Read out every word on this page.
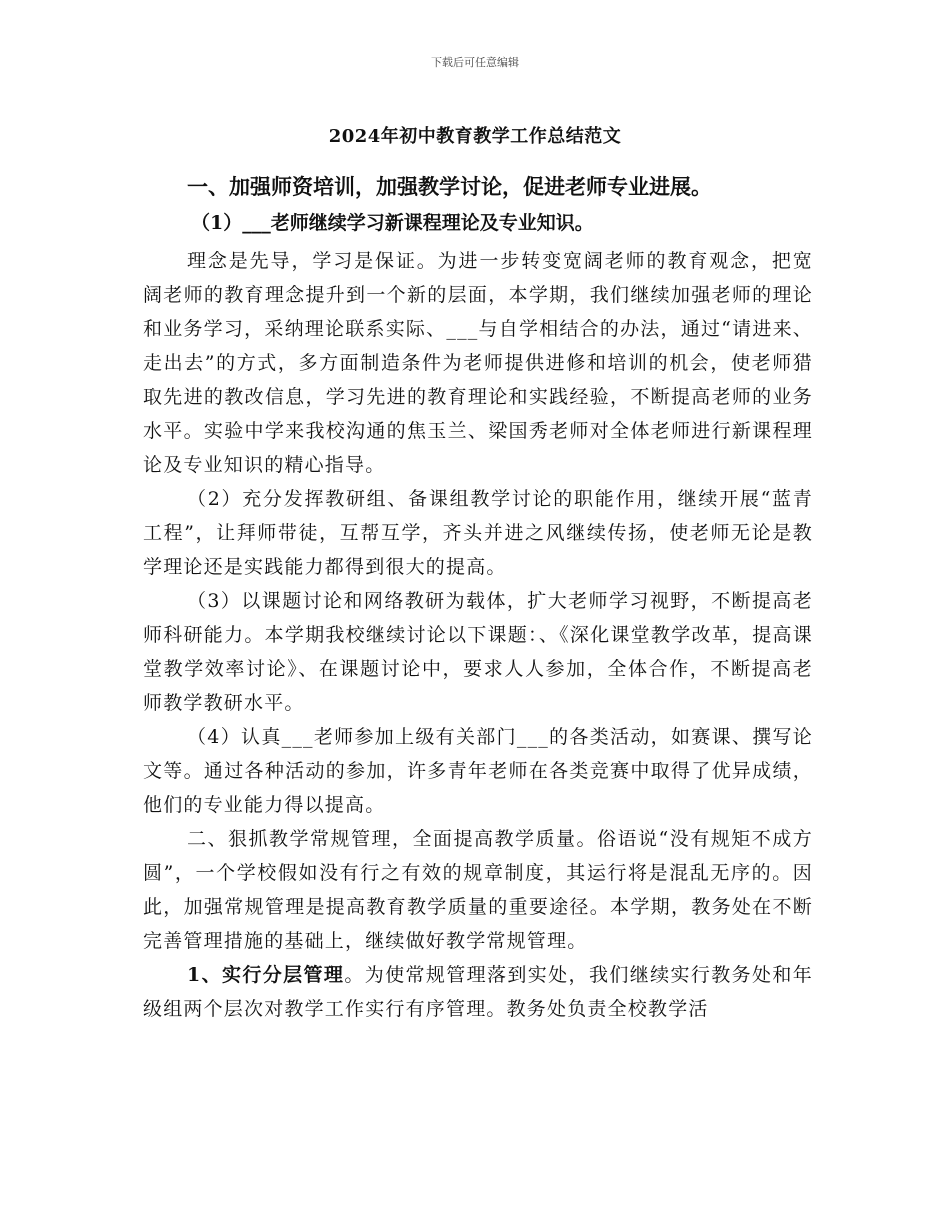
下载后可任意编辑
2024年初中教育教学工作总结范文
一、加强师资培训，加强教学讨论，促进老师专业进展。
（1）___老师继续学习新课程理论及专业知识。

理念是先导，学习是保证。为进一步转变宽阔老师的教育观念，把宽阔老师的教育理念提升到一个新的层面，本学期，我们继续加强老师的理论和业务学习，采纳理论联系实际、___与自学相结合的办法，通过“请进来、走出去”的方式，多方面制造条件为老师提供进修和培训的机会，使老师猎取先进的教改信息，学习先进的教育理论和实践经验，不断提高老师的业务水平。实验中学来我校沟通的焦玉兰、梁国秀老师对全体老师进行新课程理论及专业知识的精心指导。

（2）充分发挥教研组、备课组教学讨论的职能作用，继续开展“蓝青工程”，让拜师带徒，互帮互学，齐头并进之风继续传扬，使老师无论是教学理论还是实践能力都得到很大的提高。

（3）以课题讨论和网络教研为载体，扩大老师学习视野，不断提高老师科研能力。本学期我校继续讨论以下课题：、《深化课堂教学改革，提高课堂教学效率讨论》、在课题讨论中，要求人人参加，全体合作，不断提高老师教学教研水平。

（4）认真___老师参加上级有关部门___的各类活动，如赛课、撰写论文等。通过各种活动的参加，许多青年老师在各类竞赛中取得了优异成绩，他们的专业能力得以提高。

二、狠抓教学常规管理，全面提高教学质量。俗语说“没有规矩不成方圆”，一个学校假如没有行之有效的规章制度，其运行将是混乱无序的。因此，加强常规管理是提高教育教学质量的重要途径。本学期，教务处在不断完善管理措施的基础上，继续做好教学常规管理。

1、实行分层管理。为使常规管理落到实处，我们继续实行教务处和年级组两个层次对教学工作实行有序管理。教务处负责全校教学活
